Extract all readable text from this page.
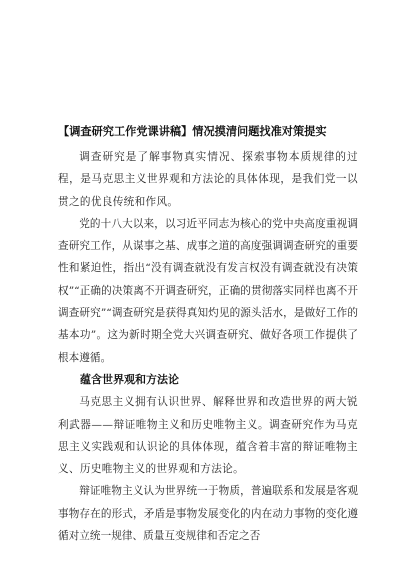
【调查研究工作党课讲稿】情况摸清问题找准对策提实

调查研究是了解事物真实情况、探索事物本质规律的过程，是马克思主义世界观和方法论的具体体现，是我们党一以贯之的优良传统和作风。

党的十八大以来，以习近平同志为核心的党中央高度重视调查研究工作，从谋事之基、成事之道的高度强调调查研究的重要性和紧迫性，指出“没有调查就没有发言权没有调查就没有决策权”“正确的决策离不开调查研究，正确的贯彻落实同样也离不开调查研究”“调查研究是获得真知灼见的源头活水，是做好工作的基本功”。这为新时期全党大兴调查研究、做好各项工作提供了根本遵循。

蕴含世界观和方法论

马克思主义拥有认识世界、解释世界和改造世界的两大锐利武器——辩证唯物主义和历史唯物主义。调查研究作为马克思主义实践观和认识论的具体体现，蕴含着丰富的辩证唯物主义、历史唯物主义的世界观和方法论。

辩证唯物主义认为世界统一于物质，普遍联系和发展是客观事物存在的形式，矛盾是事物发展变化的内在动力事物的变化遵循对立统一规律、质量互变规律和否定之否
